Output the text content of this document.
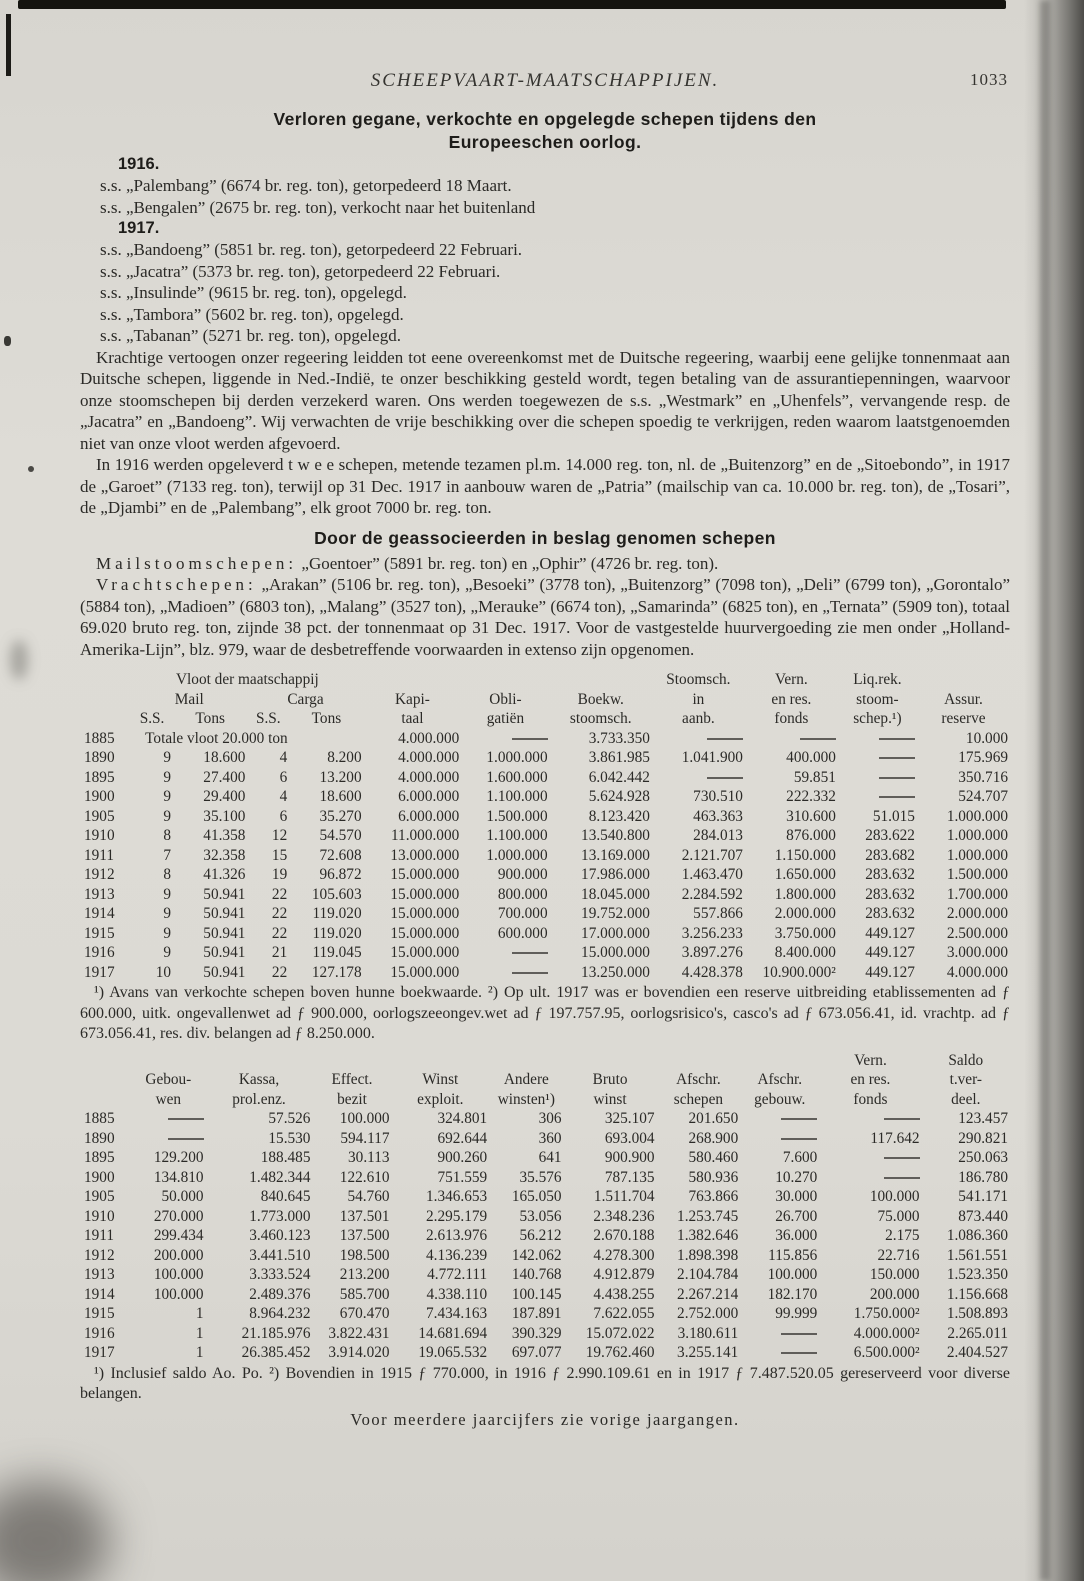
SCHEEPVAART-MAATSCHAPPIJEN.	1033
Verloren gegane, verkochte en opgelegde schepen tijdens den
Europeeschen oorlog.
1916.
s.s. „Palembang” (6674 br. reg. ton), getorpedeerd 18 Maart.
s.s. „Bengalen” (2675 br. reg. ton), verkocht naar het buitenland
1917.
s.s. „Bandoeng” (5851 br. reg. ton), getorpedeerd 22 Februari.
s.s. „Jacatra” (5373 br. reg. ton), getorpedeerd 22 Februari.
s.s. „Insulinde” (9615 br. reg. ton), opgelegd.
s.s. „Tambora” (5602 br. reg. ton), opgelegd.
s.s. „Tabanan” (5271 br. reg. ton), opgelegd.

Krachtige vertoogen onzer regeering leidden tot eene overeenkomst met de Duitsche regeering, waarbij eene gelijke tonnenmaat aan Duitsche schepen, liggende in Ned.-Indië, te onzer beschikking gesteld wordt, tegen betaling van de assurantiepenningen, waarvoor onze stoomschepen bij derden verzekerd waren. Ons werden toegewezen de s.s. „Westmark” en „Uhenfels”, vervangende resp. de „Jacatra” en „Bandoeng”. Wij verwachten de vrije beschikking over die schepen spoedig te verkrijgen, reden waarom laatstgenoemden niet van onze vloot werden afgevoerd.

In 1916 werden opgeleverd t w e e schepen, metende tezamen pl.m. 14.000 reg. ton, nl. de „Buitenzorg” en de „Sitoebondo”, in 1917 de „Garoet” (7133 reg. ton), terwijl op 31 Dec. 1917 in aanbouw waren de „Patria” (mailschip van ca. 10.000 br. reg. ton), de „Tosari”, de „Djambi” en de „Palembang”, elk groot 7000 br. reg. ton.

Door de geassocieerden in beslag genomen schepen

Mailstoomschepen: „Goentoer” (5891 br. reg. ton) en „Ophir” (4726 br. reg. ton).

Vrachtschepen: „Arakan” (5106 br. reg. ton), „Besoeki” (3778 ton), „Buitenzorg” (7098 ton), „Deli” (6799 ton), „Gorontalo” (5884 ton), „Madioen” (6803 ton), „Malang” (3527 ton), „Merauke” (6674 ton), „Samarinda” (6825 ton), en „Ternata” (5909 ton), totaal 69.020 bruto reg. ton, zijnde 38 pct. der tonnenmaat op 31 Dec. 1917. Voor de vastgestelde huurvergoeding zie men onder „Holland-Amerika-Lijn”, blz. 979, waar de desbetreffende voorwaarden in extenso zijn opgenomen.

	Vloot der maatschappij							Stoomsch.	Vern.	Liq.rek.	
	Mail		Carga		Kapi-	Obli-	Boekw.	in	en res.	stoom-	Assur.
	S.S.	Tons	S.S.	Tons	taal	gatiën	stoomsch.	aanb.	fonds	schep.¹)	reserve
1885	Totale vloot 20.000 ton				4.000.000		3.733.350				10.000
1890	9	18.600	4	8.200	4.000.000	1.000.000	3.861.985	1.041.900	400.000		175.969
1895	9	27.400	6	13.200	4.000.000	1.600.000	6.042.442		59.851		350.716
1900	9	29.400	4	18.600	6.000.000	1.100.000	5.624.928	730.510	222.332		524.707
1905	9	35.100	6	35.270	6.000.000	1.500.000	8.123.420	463.363	310.600	51.015	1.000.000
1910	8	41.358	12	54.570	11.000.000	1.100.000	13.540.800	284.013	876.000	283.622	1.000.000
1911	7	32.358	15	72.608	13.000.000	1.000.000	13.169.000	2.121.707	1.150.000	283.682	1.000.000
1912	8	41.326	19	96.872	15.000.000	900.000	17.986.000	1.463.470	1.650.000	283.632	1.500.000
1913	9	50.941	22	105.603	15.000.000	800.000	18.045.000	2.284.592	1.800.000	283.632	1.700.000
1914	9	50.941	22	119.020	15.000.000	700.000	19.752.000	557.866	2.000.000	283.632	2.000.000
1915	9	50.941	22	119.020	15.000.000	600.000	17.000.000	3.256.233	3.750.000	449.127	2.500.000
1916	9	50.941	21	119.045	15.000.000		15.000.000	3.897.276	8.400.000	449.127	3.000.000
1917	10	50.941	22	127.178	15.000.000		13.250.000	4.428.378	10.900.000²	449.127	4.000.000

¹) Avans van verkochte schepen boven hunne boekwaarde. ²) Op ult. 1917 was er bovendien een reserve uitbreiding etablissementen ad ƒ 600.000, uitk. ongevallenwet ad ƒ 900.000, oorlogszeeongev.wet ad ƒ 197.757.95, oorlogsrisico's, casco's ad ƒ 673.056.41, id. vrachtp. ad ƒ 673.056.41, res. div. belangen ad ƒ 8.250.000.

									Vern.	Saldo
	Gebou-	Kassa,	Effect.	Winst	Andere	Bruto	Afschr.	Afschr.	en res.	t.ver-
	wen	prol.enz.	bezit	exploit.	winsten¹)	winst	schepen	gebouw.	fonds	deel.
1885		57.526	100.000	324.801	306	325.107	201.650			123.457
1890		15.530	594.117	692.644	360	693.004	268.900		117.642	290.821
1895	129.200	188.485	30.113	900.260	641	900.900	580.460	7.600		250.063
1900	134.810	1.482.344	122.610	751.559	35.576	787.135	580.936	10.270		186.780
1905	50.000	840.645	54.760	1.346.653	165.050	1.511.704	763.866	30.000	100.000	541.171
1910	270.000	1.773.000	137.501	2.295.179	53.056	2.348.236	1.253.745	26.700	75.000	873.440
1911	299.434	3.460.123	137.500	2.613.976	56.212	2.670.188	1.382.646	36.000	2.175	1.086.360
1912	200.000	3.441.510	198.500	4.136.239	142.062	4.278.300	1.898.398	115.856	22.716	1.561.551
1913	100.000	3.333.524	213.200	4.772.111	140.768	4.912.879	2.104.784	100.000	150.000	1.523.350
1914	100.000	2.489.376	585.700	4.338.110	100.145	4.438.255	2.267.214	182.170	200.000	1.156.668
1915	1	8.964.232	670.470	7.434.163	187.891	7.622.055	2.752.000	99.999	1.750.000²	1.508.893
1916	1	21.185.976	3.822.431	14.681.694	390.329	15.072.022	3.180.611		4.000.000²	2.265.011
1917	1	26.385.452	3.914.020	19.065.532	697.077	19.762.460	3.255.141		6.500.000²	2.404.527

¹) Inclusief saldo Ao. Po. ²) Bovendien in 1915 ƒ 770.000, in 1916 ƒ 2.990.109.61 en in 1917 ƒ 7.487.520.05 gereserveerd voor diverse belangen.

Voor meerdere jaarcijfers zie vorige jaargangen.
